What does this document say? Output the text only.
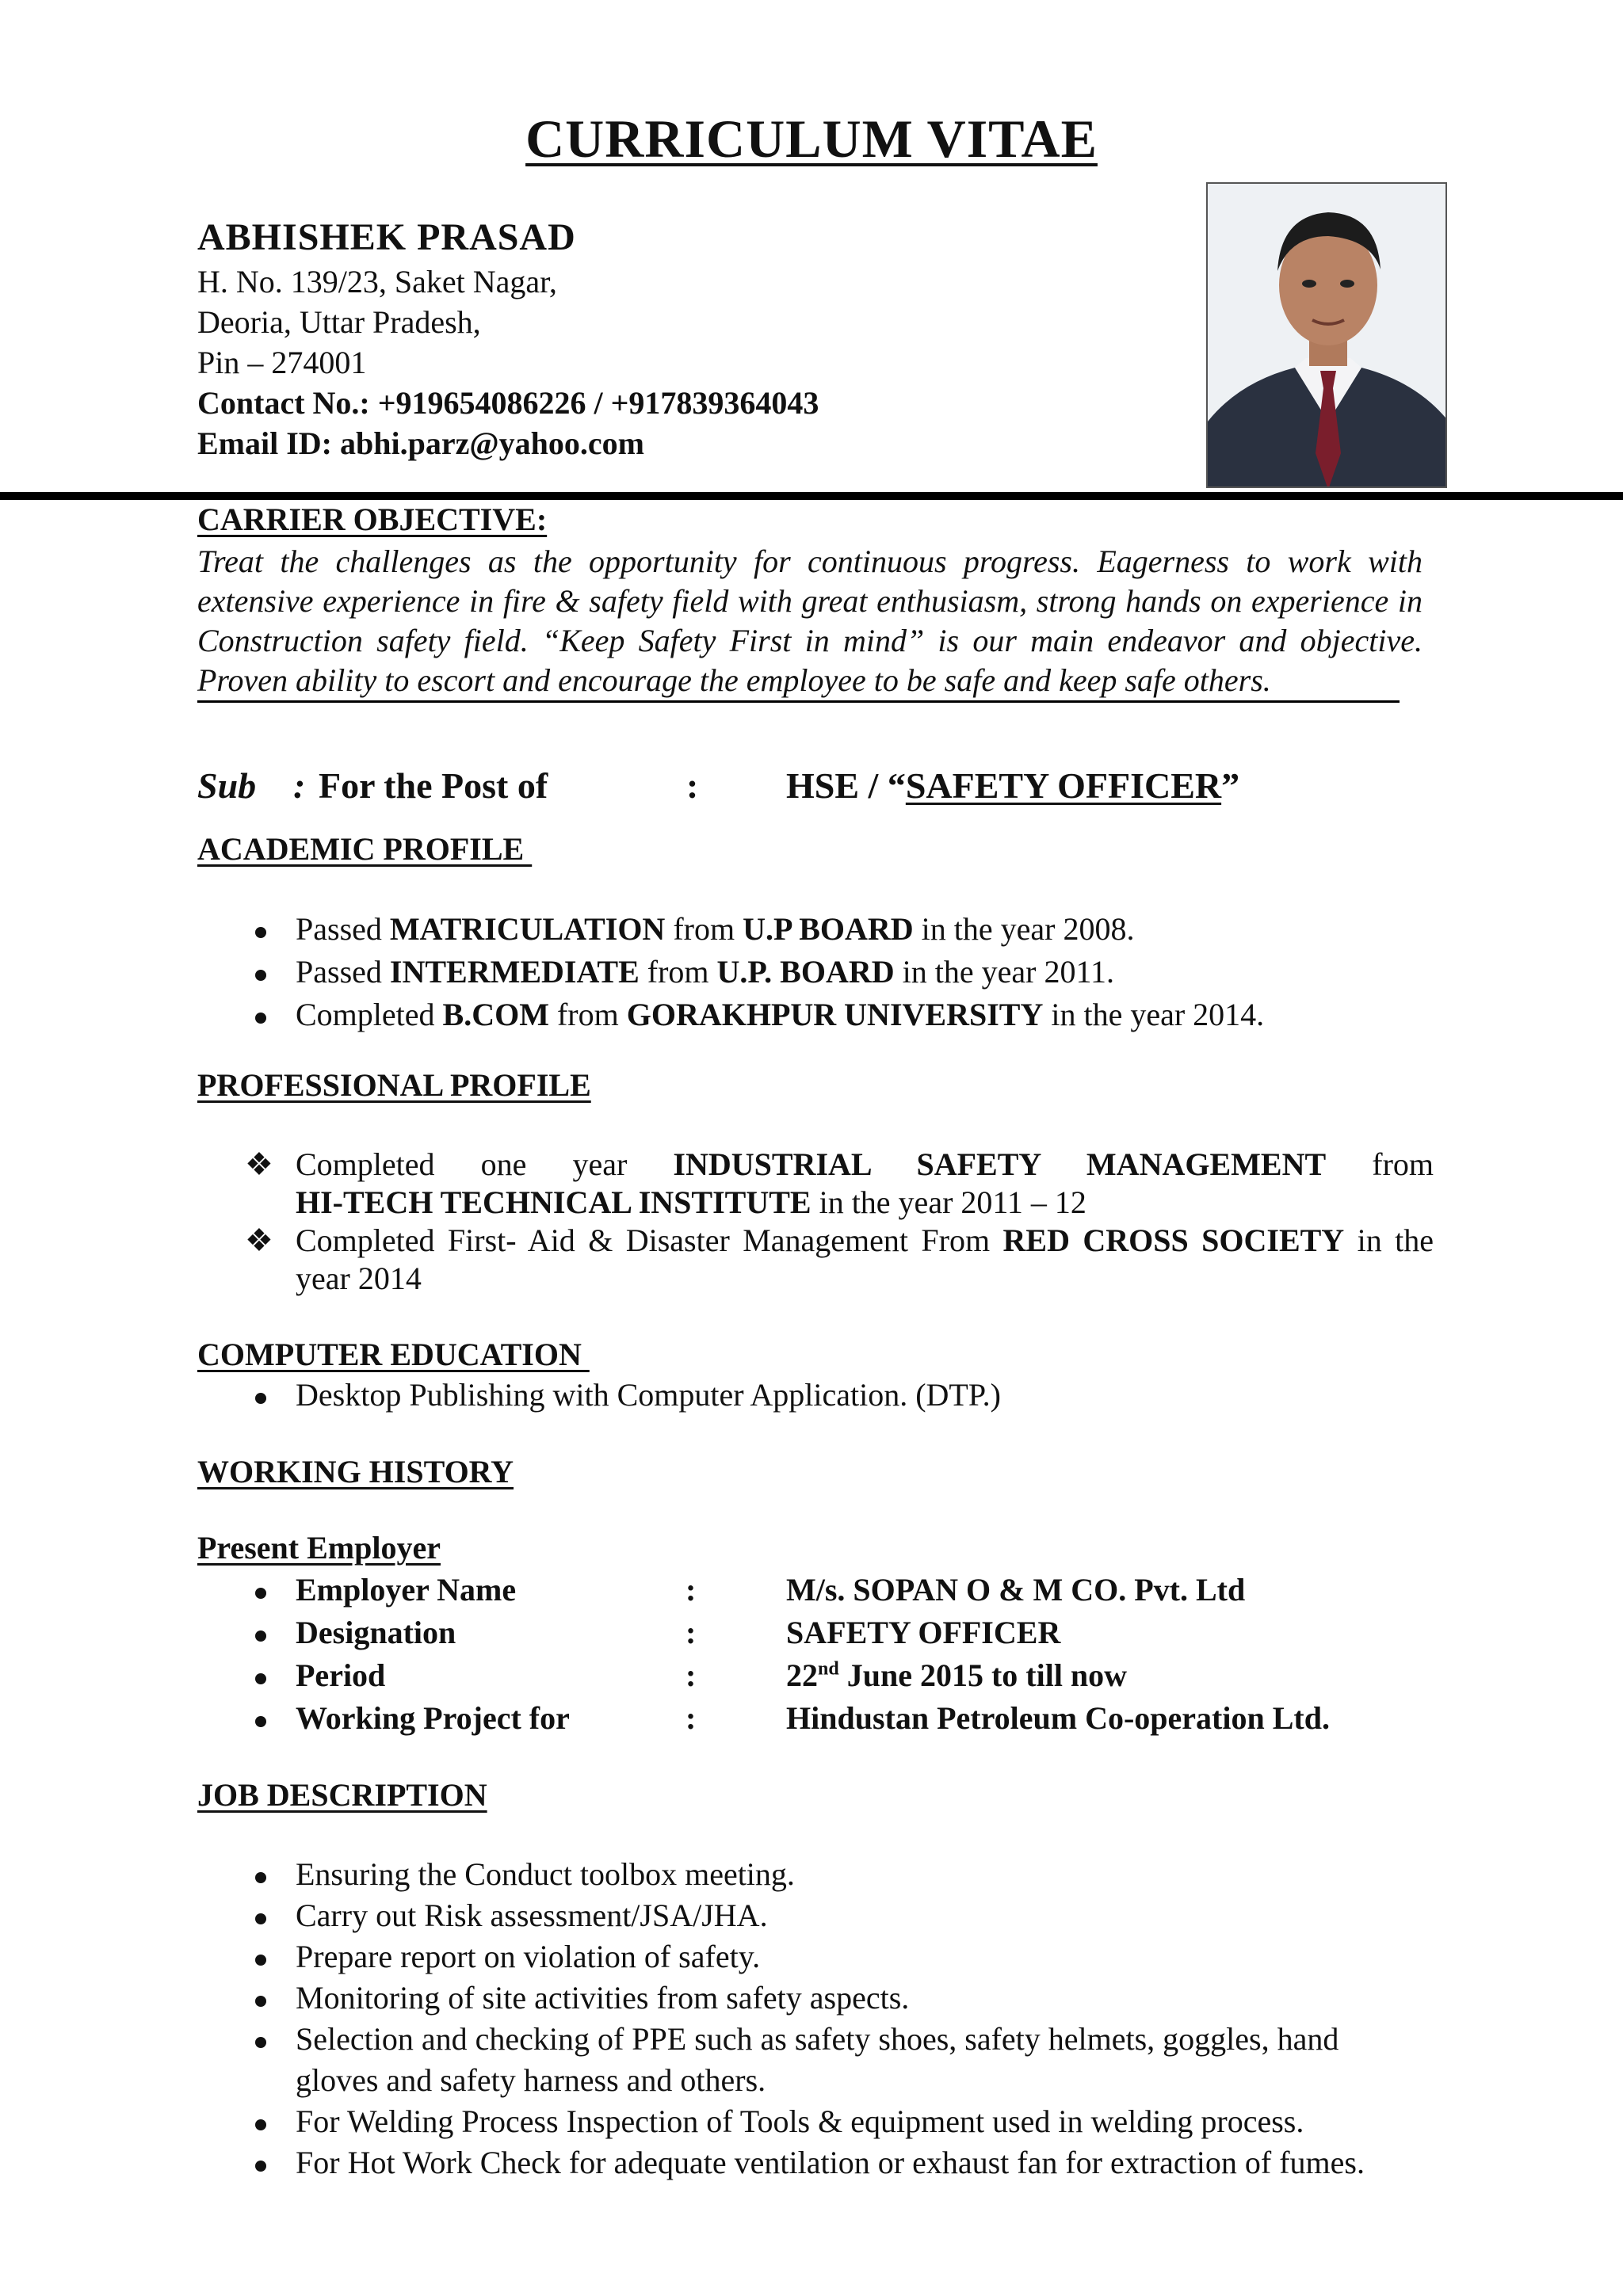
CURRICULUM VITAE
ABHISHEK PRASAD
H. No. 139/23, Saket Nagar,
Deoria, Uttar Pradesh,
Pin – 274001
Contact No.: +919654086226 / +917839364043
Email ID: abhi.parz@yahoo.com
CARRIER OBJECTIVE:
Treat the challenges as the opportunity for continuous progress. Eagerness to work with extensive experience in fire & safety field with great enthusiasm, strong hands on experience in Construction safety field. “Keep Safety First in mind” is our main endeavor and objective. Proven ability to escort and encourage the employee to be safe and keep safe others.
Sub : For the Post of	: HSE / “SAFETY OFFICER”
ACADEMIC PROFILE
Passed MATRICULATION from U.P BOARD in the year 2008.
Passed INTERMEDIATE from U.P. BOARD in the year 2011.
Completed B.COM from GORAKHPUR UNIVERSITY in the year 2014.
PROFESSIONAL PROFILE
❖ Completed one year INDUSTRIAL SAFETY MANAGEMENT from
HI-TECH TECHNICAL INSTITUTE in the year 2011 – 12
❖ Completed First- Aid & Disaster Management From RED CROSS SOCIETY in the year 2014
COMPUTER EDUCATION
Desktop Publishing with Computer Application. (DTP.)
WORKING HISTORY
Present Employer
Employer Name	:	M/s. SOPAN O & M CO. Pvt. Ltd
Designation	:	SAFETY OFFICER
Period	:	22nd June 2015 to till now
Working Project for	:	Hindustan Petroleum Co-operation Ltd.
JOB DESCRIPTION
Ensuring the Conduct toolbox meeting.
Carry out Risk assessment/JSA/JHA.
Prepare report on violation of safety.
Monitoring of site activities from safety aspects.
Selection and checking of PPE such as safety shoes, safety helmets, goggles, hand gloves and safety harness and others.
For Welding Process Inspection of Tools & equipment used in welding process.
For Hot Work Check for adequate ventilation or exhaust fan for extraction of fumes.
